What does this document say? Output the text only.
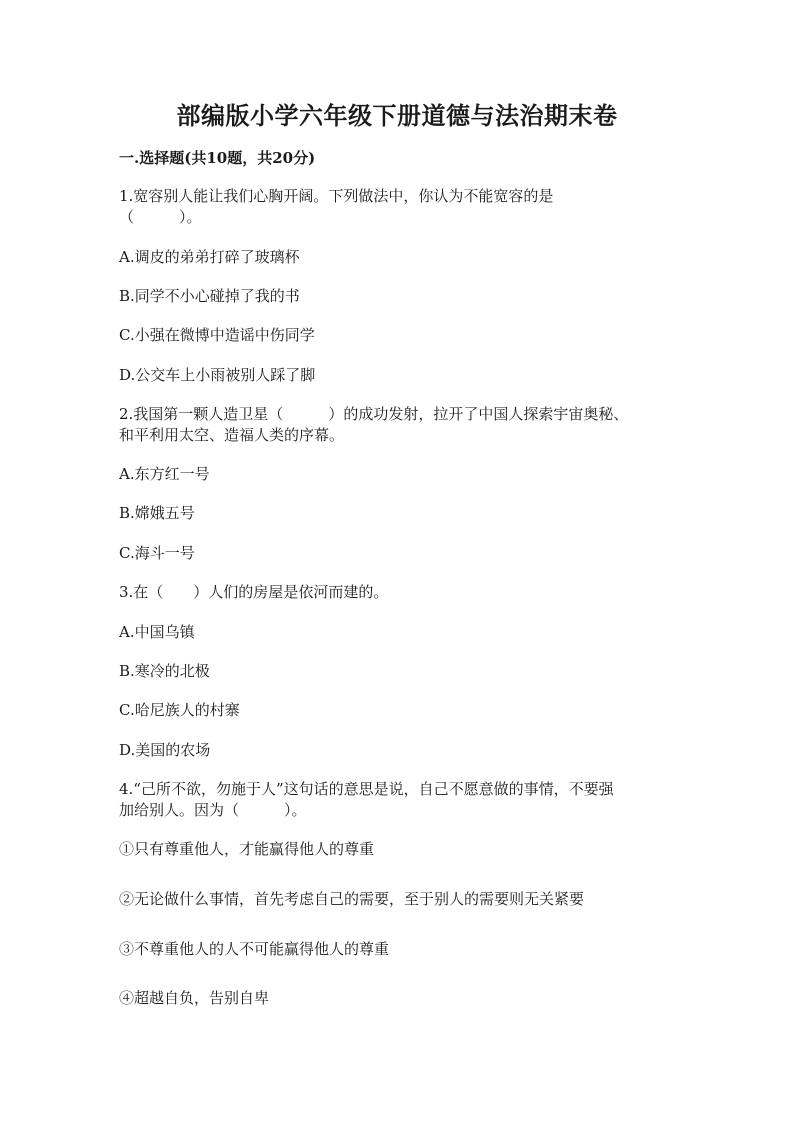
部编版小学六年级下册道德与法治期末卷
一.选择题(共10题，共20分)
1.宽容别人能让我们心胸开阔。下列做法中，你认为不能宽容的是
（　　　）。
A.调皮的弟弟打碎了玻璃杯
B.同学不小心碰掉了我的书
C.小强在微博中造谣中伤同学
D.公交车上小雨被别人踩了脚
2.我国第一颗人造卫星（　　　）的成功发射，拉开了中国人探索宇宙奥秘、
和平利用太空、造福人类的序幕。
A.东方红一号
B.嫦娥五号
C.海斗一号
3.在（　　）人们的房屋是依河而建的。
A.中国乌镇
B.寒冷的北极
C.哈尼族人的村寨
D.美国的农场
4.“己所不欲，勿施于人”这句话的意思是说，自己不愿意做的事情，不要强
加给别人。因为（　　　）。
①只有尊重他人，才能赢得他人的尊重
②无论做什么事情，首先考虑自己的需要，至于别人的需要则无关紧要
③不尊重他人的人不可能赢得他人的尊重
④超越自负，告别自卑
